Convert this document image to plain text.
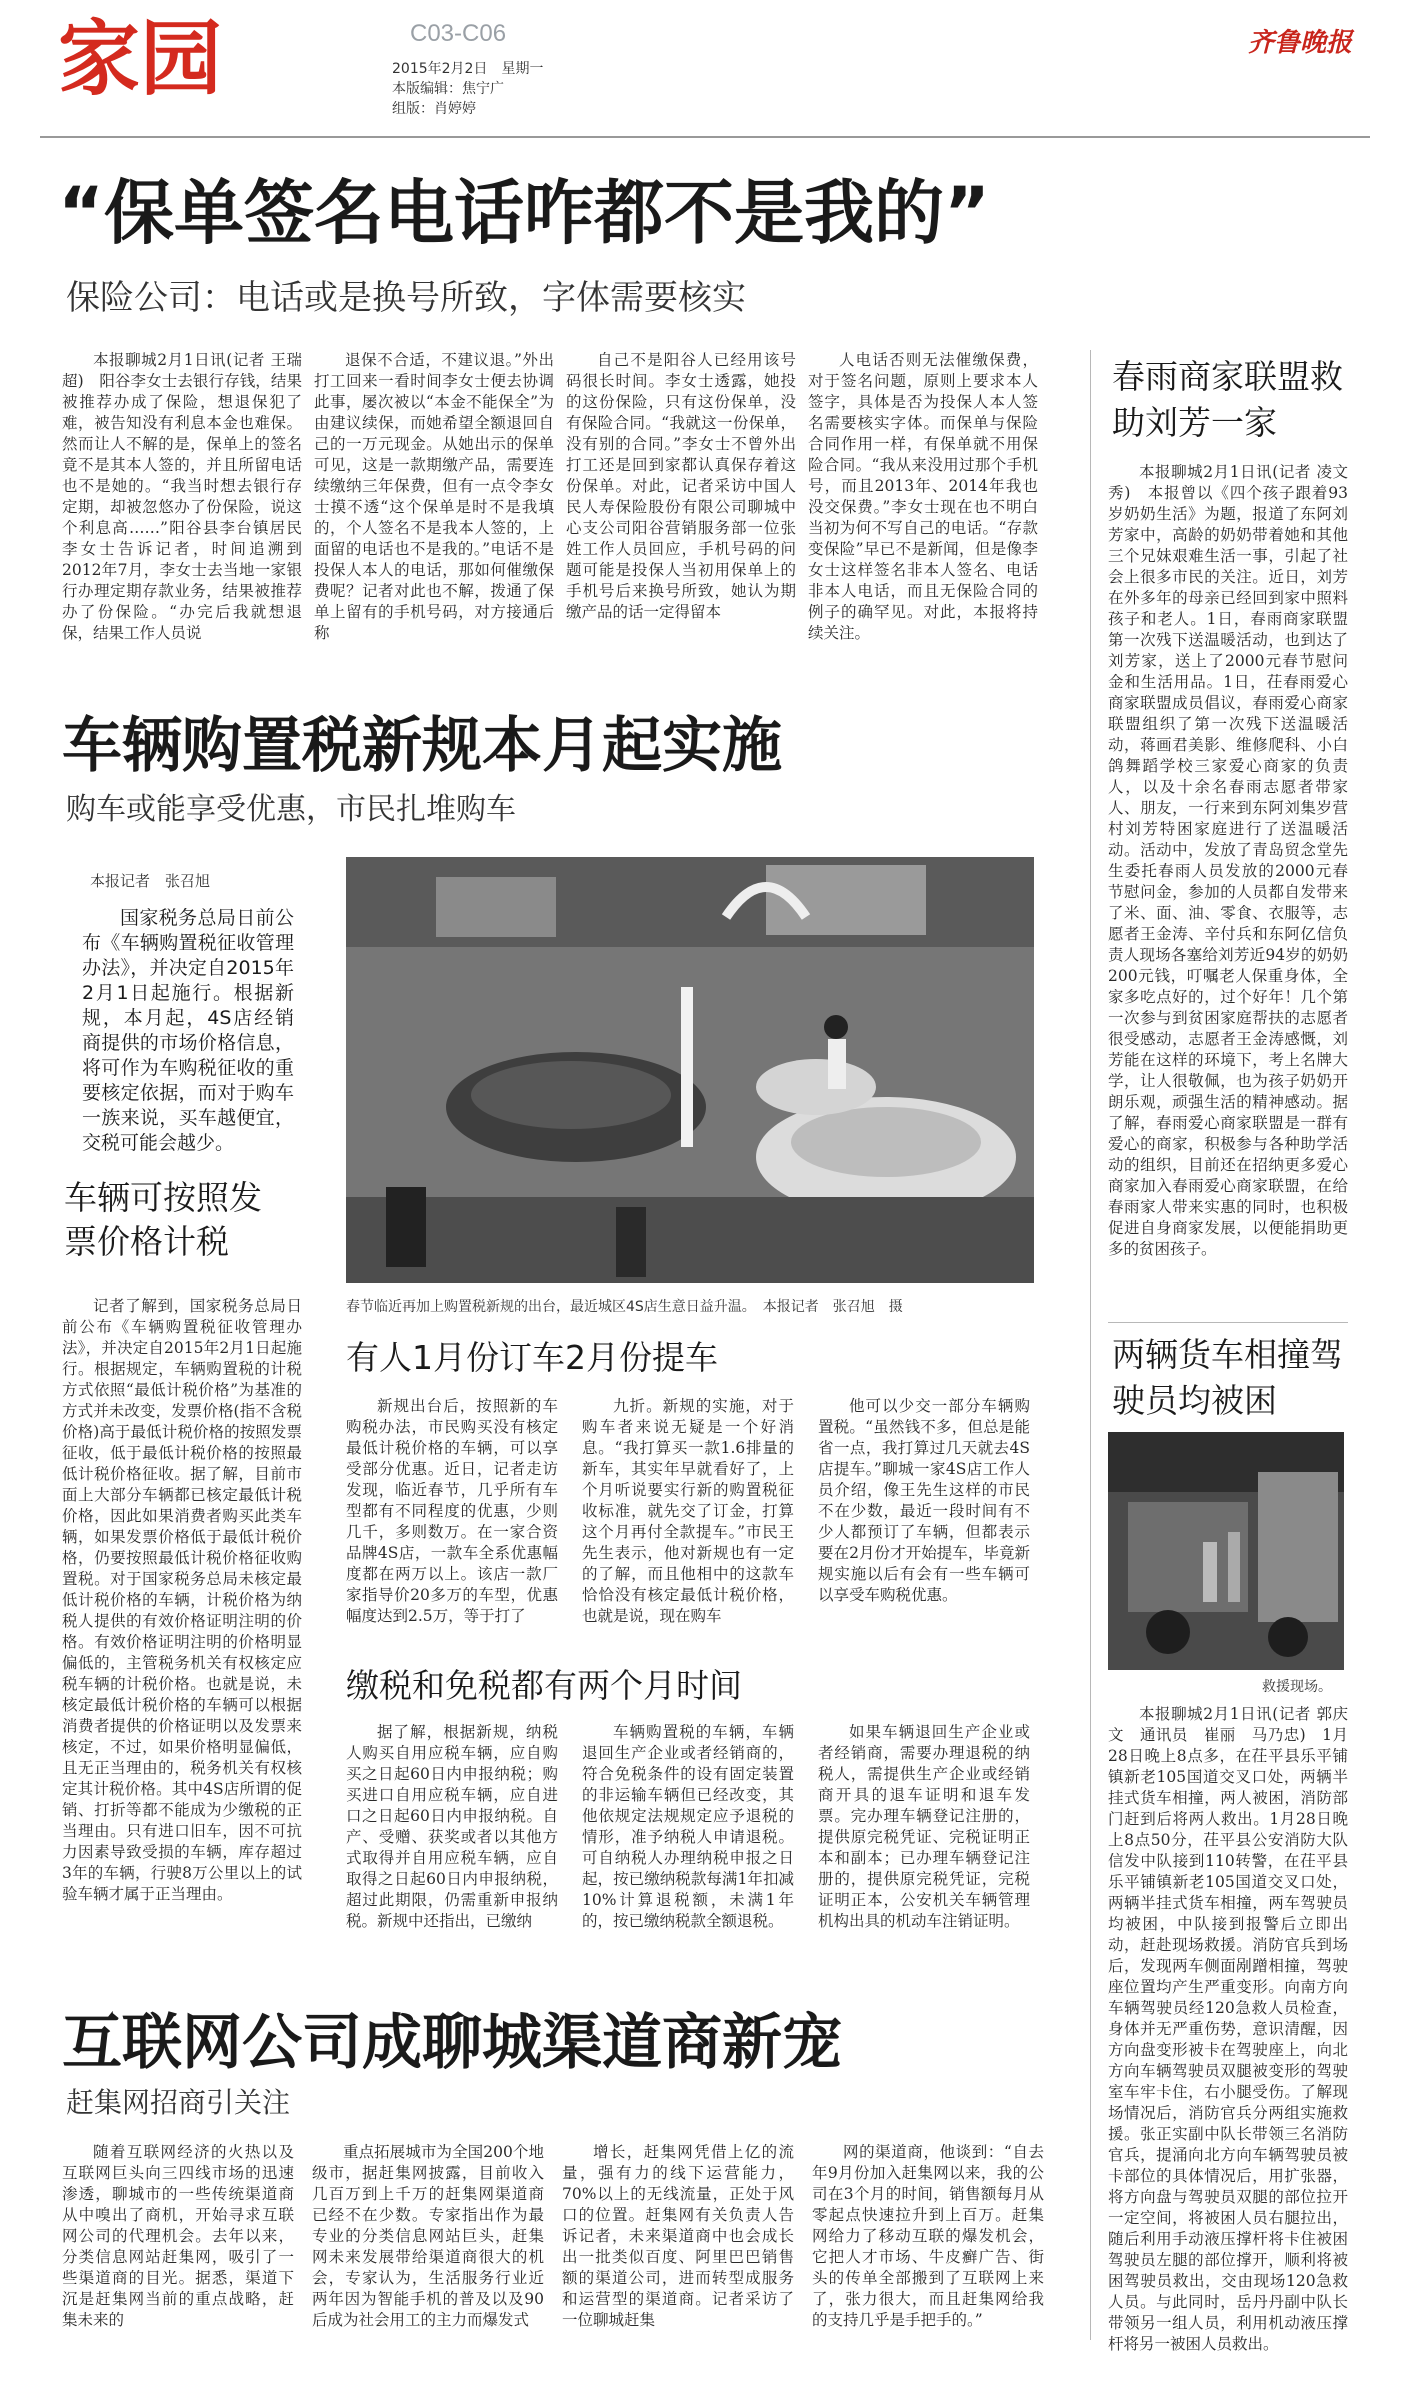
家园	C03-C06
2015年2月2日　星期一
本版编辑：焦宁广
组版：肖婷婷
齐鲁晚报
“保单签名电话咋都不是我的”
保险公司：电话或是换号所致，字体需要核实

本报聊城2月1日讯(记者 王瑞超)　阳谷李女士去银行存钱，结果被推荐办成了保险，想退保犯了难，被告知没有利息本金也难保。然而让人不解的是，保单上的签名竟不是其本人签的，并且所留电话也不是她的。“我当时想去银行存定期，却被忽悠办了份保险，说这个利息高……”阳谷县李台镇居民李女士告诉记者，时间追溯到2012年7月，李女士去当地一家银行办理定期存款业务，结果被推荐办了份保险。“办完后我就想退保，结果工作人员说

退保不合适，不建议退。”外出打工回来一看时间李女士便去协调此事，屡次被以“本金不能保全”为由建议续保，而她希望全额退回自己的一万元现金。从她出示的保单可见，这是一款期缴产品，需要连续缴纳三年保费，但有一点令李女士摸不透“这个保单是时不是我填的，个人签名不是我本人签的，上面留的电话也不是我的。”电话不是投保人本人的电话，那如何催缴保费呢？记者对此也不解，拨通了保单上留有的手机号码，对方接通后称

自己不是阳谷人已经用该号码很长时间。李女士透露，她投的这份保险，只有这份保单，没有保险合同。“我就这一份保单，没有别的合同。”李女士不曾外出打工还是回到家都认真保存着这份保单。对此，记者采访中国人民人寿保险股份有限公司聊城中心支公司阳谷营销服务部一位张姓工作人员回应，手机号码的问题可能是投保人当初用保单上的手机号后来换号所致，她认为期缴产品的话一定得留本

人电话否则无法催缴保费，对于签名问题，原则上要求本人签字，具体是否为投保人本人签名需要核实字体。而保单与保险合同作用一样，有保单就不用保险合同。“我从来没用过那个手机号，而且2013年、2014年我也没交保费。”李女士现在也不明白当初为何不写自己的电话。“存款变保险”早已不是新闻，但是像李女士这样签名非本人签名、电话非本人电话，而且无保险合同的例子的确罕见。对此，本报将持续关注。

车辆购置税新规本月起实施
购车或能享受优惠，市民扎堆购车
本报记者　张召旭
国家税务总局日前公布《车辆购置税征收管理办法》，并决定自2015年2月1日起施行。根据新规，本月起，4S店经销商提供的市场价格信息，将可作为车购税征收的重要核定依据，而对于购车一族来说，买车越便宜，交税可能会越少。
车辆可按照发票价格计税

记者了解到，国家税务总局日前公布《车辆购置税征收管理办法》，并决定自2015年2月1日起施行。根据规定，车辆购置税的计税方式依照“最低计税价格”为基准的方式并未改变，发票价格(指不含税价格)高于最低计税价格的按照发票征收，低于最低计税价格的按照最低计税价格征收。据了解，目前市面上大部分车辆都已核定最低计税价格，因此如果消费者购买此类车辆，如果发票价格低于最低计税价格，仍要按照最低计税价格征收购置税。对于国家税务总局未核定最低计税价格的车辆，计税价格为纳税人提供的有效价格证明注明的价格。有效价格证明注明的价格明显偏低的，主管税务机关有权核定应税车辆的计税价格。也就是说，未核定最低计税价格的车辆可以根据消费者提供的价格证明以及发票来核定，不过，如果价格明显偏低，且无正当理由的，税务机关有权核定其计税价格。其中4S店所谓的促销、打折等都不能成为少缴税的正当理由。只有进口旧车，因不可抗力因素导致受损的车辆，库存超过3年的车辆，行驶8万公里以上的试验车辆才属于正当理由。

春节临近再加上购置税新规的出台，最近城区4S店生意日益升温。　本报记者　张召旭　摄
有人1月份订车2月份提车

新规出台后，按照新的车购税办法，市民购买没有核定最低计税价格的车辆，可以享受部分优惠。近日，记者走访发现，临近春节，几乎所有车型都有不同程度的优惠，少则几千，多则数万。在一家合资品牌4S店，一款车全系优惠幅度都在两万以上。该店一款厂家指导价20多万的车型，优惠幅度达到2.5万，等于打了

九折。新规的实施，对于购车者来说无疑是一个好消息。“我打算买一款1.6排量的新车，其实年早就看好了，上个月听说要实行新的购置税征收标准，就先交了订金，打算这个月再付全款提车。”市民王先生表示，他对新规也有一定的了解，而且他相中的这款车恰恰没有核定最低计税价格，也就是说，现在购车

他可以少交一部分车辆购置税。“虽然钱不多，但总是能省一点，我打算过几天就去4S店提车。”聊城一家4S店工作人员介绍，像王先生这样的市民不在少数，最近一段时间有不少人都预订了车辆，但都表示要在2月份才开始提车，毕竟新规实施以后有会有一些车辆可以享受车购税优惠。

缴税和免税都有两个月时间

据了解，根据新规，纳税人购买自用应税车辆，应自购买之日起60日内申报纳税；购买进口自用应税车辆，应自进口之日起60日内申报纳税。自产、受赠、获奖或者以其他方式取得并自用应税车辆，应自取得之日起60日内申报纳税，超过此期限，仍需重新申报纳税。新规中还指出，已缴纳

车辆购置税的车辆，车辆退回生产企业或者经销商的，符合免税条件的设有固定装置的非运输车辆但已经改变，其他依规定法规规定应予退税的情形，准予纳税人申请退税。可自纳税人办理纳税申报之日起，按已缴纳税款每满1年扣减10%计算退税额，未满1年的，按已缴纳税款全额退税。

如果车辆退回生产企业或者经销商，需要办理退税的纳税人，需提供生产企业或经销商开具的退车证明和退车发票。完办理车辆登记注册的，提供原完税凭证、完税证明正本和副本；已办理车辆登记注册的，提供原完税凭证，完税证明正本，公安机关车辆管理机构出具的机动车注销证明。

互联网公司成聊城渠道商新宠
赶集网招商引关注

随着互联网经济的火热以及互联网巨头向三四线市场的迅速渗透，聊城市的一些传统渠道商从中嗅出了商机，开始寻求互联网公司的代理机会。去年以来，分类信息网站赶集网，吸引了一些渠道商的目光。据悉，渠道下沉是赶集网当前的重点战略，赶集未来的

重点拓展城市为全国200个地级市，据赶集网披露，目前收入几百万到上千万的赶集网渠道商已经不在少数。专家指出作为最专业的分类信息网站巨头，赶集网未来发展带给渠道商很大的机会，专家认为，生活服务行业近两年因为智能手机的普及以及90后成为社会用工的主力而爆发式

增长，赶集网凭借上亿的流量，强有力的线下运营能力，70%以上的无线流量，正处于风口的位置。赶集网有关负责人告诉记者，未来渠道商中也会成长出一批类似百度、阿里巴巴销售额的渠道公司，进而转型成服务和运营型的渠道商。记者采访了一位聊城赶集

网的渠道商，他谈到：“自去年9月份加入赶集网以来，我的公司在3个月的时间，销售额每月从零起点快速拉升到上百万。赶集网给力了移动互联的爆发机会，它把人才市场、牛皮癣广告、街头的传单全部搬到了互联网上来了，张力很大，而且赶集网给我的支持几乎是手把手的。”

春雨商家联盟救助刘芳一家

本报聊城2月1日讯(记者 凌文秀)　本报曾以《四个孩子跟着93岁奶奶生活》为题，报道了东阿刘芳家中，高龄的奶奶带着她和其他三个兄妹艰难生活一事，引起了社会上很多市民的关注。近日，刘芳在外多年的母亲已经回到家中照料孩子和老人。1日，春雨商家联盟第一次残下送温暖活动，也到达了刘芳家，送上了2000元春节慰问金和生活用品。1日，茌春雨爱心商家联盟成员倡议，春雨爱心商家联盟组织了第一次残下送温暖活动，蒋画君美影、维修爬科、小白鸽舞蹈学校三家爱心商家的负责人，以及十余名春雨志愿者带家人、朋友，一行来到东阿刘集岁营村刘芳特困家庭进行了送温暖活动。活动中，发放了青岛贸念堂先生委托春雨人员发放的2000元春节慰问金，参加的人员都自发带来了米、面、油、零食、衣服等，志愿者王金涛、辛付兵和东阿亿信负责人现场各塞给刘芳近94岁的奶奶200元钱，叮嘱老人保重身体，全家多吃点好的，过个好年！几个第一次参与到贫困家庭帮扶的志愿者很受感动，志愿者王金涛感慨，刘芳能在这样的环境下，考上名牌大学，让人很敬佩，也为孩子奶奶开朗乐观，顽强生活的精神感动。据了解，春雨爱心商家联盟是一群有爱心的商家，积极参与各种助学活动的组织，目前还在招纳更多爱心商家加入春雨爱心商家联盟，在给春雨家人带来实惠的同时，也积极促进自身商家发展，以便能捐助更多的贫困孩子。

两辆货车相撞驾驶员均被困
救援现场。

本报聊城2月1日讯(记者 郭庆文　通讯员　崔丽　马乃忠)　1月28日晚上8点多，在茌平县乐平铺镇新老105国道交叉口处，两辆半挂式货车相撞，两人被困，消防部门赶到后将两人救出。1月28日晚上8点50分，茌平县公安消防大队信发中队接到110转警，在茌平县乐平铺镇新老105国道交叉口处，两辆半挂式货车相撞，两车驾驶员均被困，中队接到报警后立即出动，赶赴现场救援。消防官兵到场后，发现两车侧面剐蹭相撞，驾驶座位置均产生严重变形。向南方向车辆驾驶员经120急救人员检查，身体并无严重伤势，意识清醒，因方向盘变形被卡在驾驶座上，向北方向车辆驾驶员双腿被变形的驾驶室车牢卡住，右小腿受伤。了解现场情况后，消防官兵分两组实施救援。张正实副中队长带领三名消防官兵，提涌向北方向车辆驾驶员被卡部位的具体情况后，用扩张器，将方向盘与驾驶员双腿的部位拉开一定空间，将被困人员右腿拉出，随后利用手动液压撑杆将卡住被困驾驶员左腿的部位撑开，顺利将被困驾驶员救出，交由现场120急救人员。与此同时，岳丹丹副中队长带领另一组人员，利用机动液压撑杆将另一被困人员救出。
